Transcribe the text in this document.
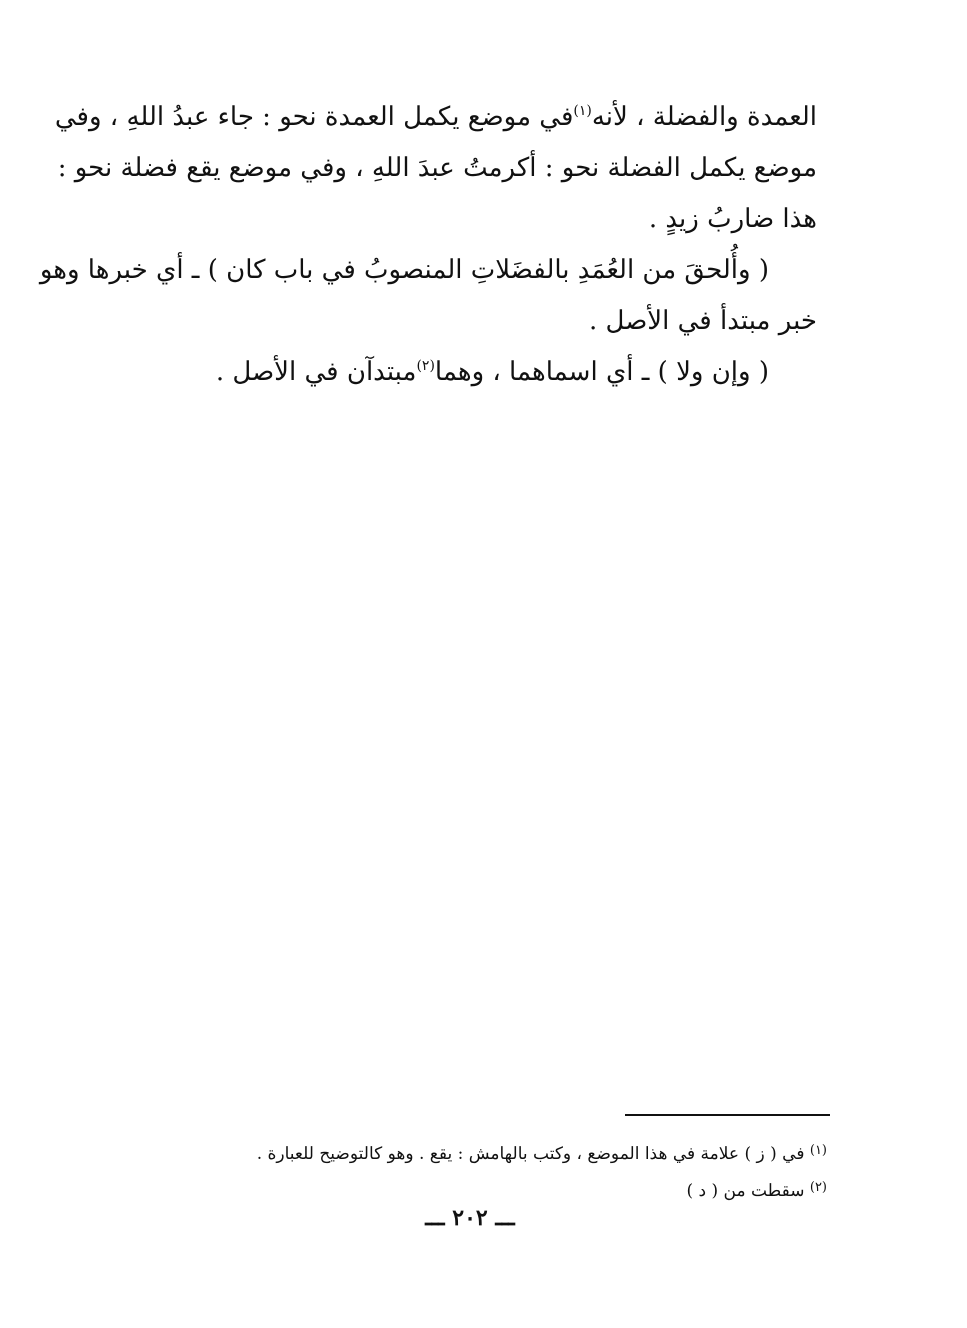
العمدة والفضلة ، لأنه$^{(١)}$في موضع يكمل العمدة نحو : جاء عبدُ اللهِ ، وفي
موضع يكمل الفضلة نحو : أكرمتُ عبدَ اللهِ ، وفي موضع يقع فضلة نحو :
هذا ضاربُ زيدٍ .

( وأُلحقَ من العُمَدِ بالفضَلاتِ المنصوبُ في باب كان ) ـ أي خبرها وهو
خبر مبتدأ في الأصل .

( وإن ولا ) ـ أي اسماهما ، وهما$^{(٢)}$مبتدآن في الأصل .

$^{(١)}$ في ( ز ) علامة في هذا الموضع ، وكتب بالهامش : يقع . وهو كالتوضيح للعبارة .

$^{(٢)}$ سقطت من ( د )

ـــ ٢٠٢ ـــ
